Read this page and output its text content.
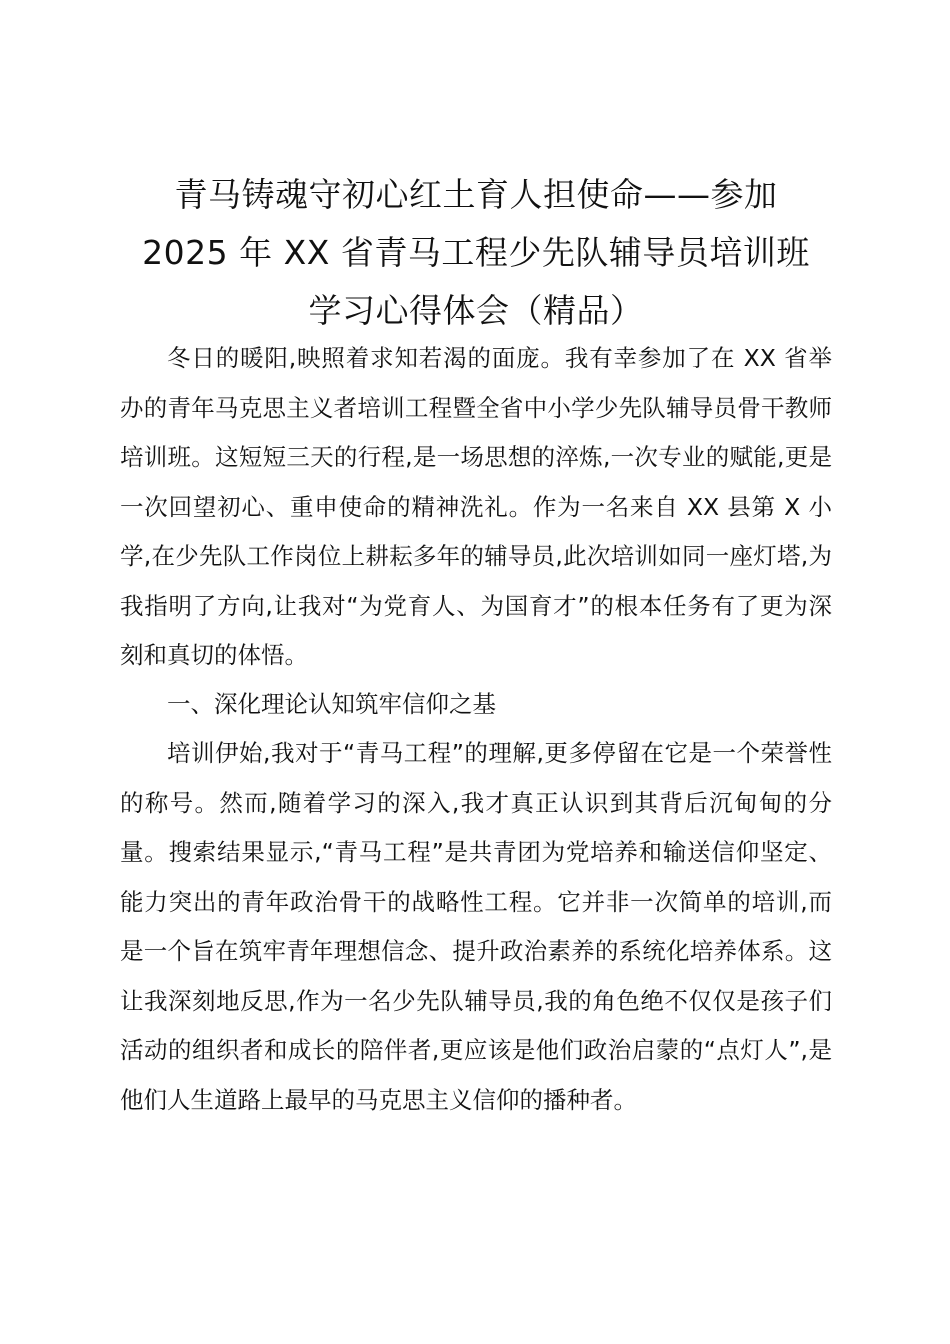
青马铸魂守初心红土育人担使命——参加
2025 年 XX 省青马工程少先队辅导员培训班
学习心得体会（精品）

冬日的暖阳,映照着求知若渴的面庞。我有幸参加了在 XX 省举办的青年马克思主义者培训工程暨全省中小学少先队辅导员骨干教师培训班。这短短三天的行程,是一场思想的淬炼,一次专业的赋能,更是一次回望初心、重申使命的精神洗礼。作为一名来自 XX 县第 X 小学,在少先队工作岗位上耕耘多年的辅导员,此次培训如同一座灯塔,为我指明了方向,让我对“为党育人、为国育才”的根本任务有了更为深刻和真切的体悟。

一、深化理论认知筑牢信仰之基

培训伊始,我对于“青马工程”的理解,更多停留在它是一个荣誉性的称号。然而,随着学习的深入,我才真正认识到其背后沉甸甸的分量。搜索结果显示,“青马工程”是共青团为党培养和输送信仰坚定、能力突出的青年政治骨干的战略性工程。它并非一次简单的培训,而是一个旨在筑牢青年理想信念、提升政治素养的系统化培养体系。这让我深刻地反思,作为一名少先队辅导员,我的角色绝不仅仅是孩子们活动的组织者和成长的陪伴者,更应该是他们政治启蒙的“点灯人”,是他们人生道路上最早的马克思主义信仰的播种者。
